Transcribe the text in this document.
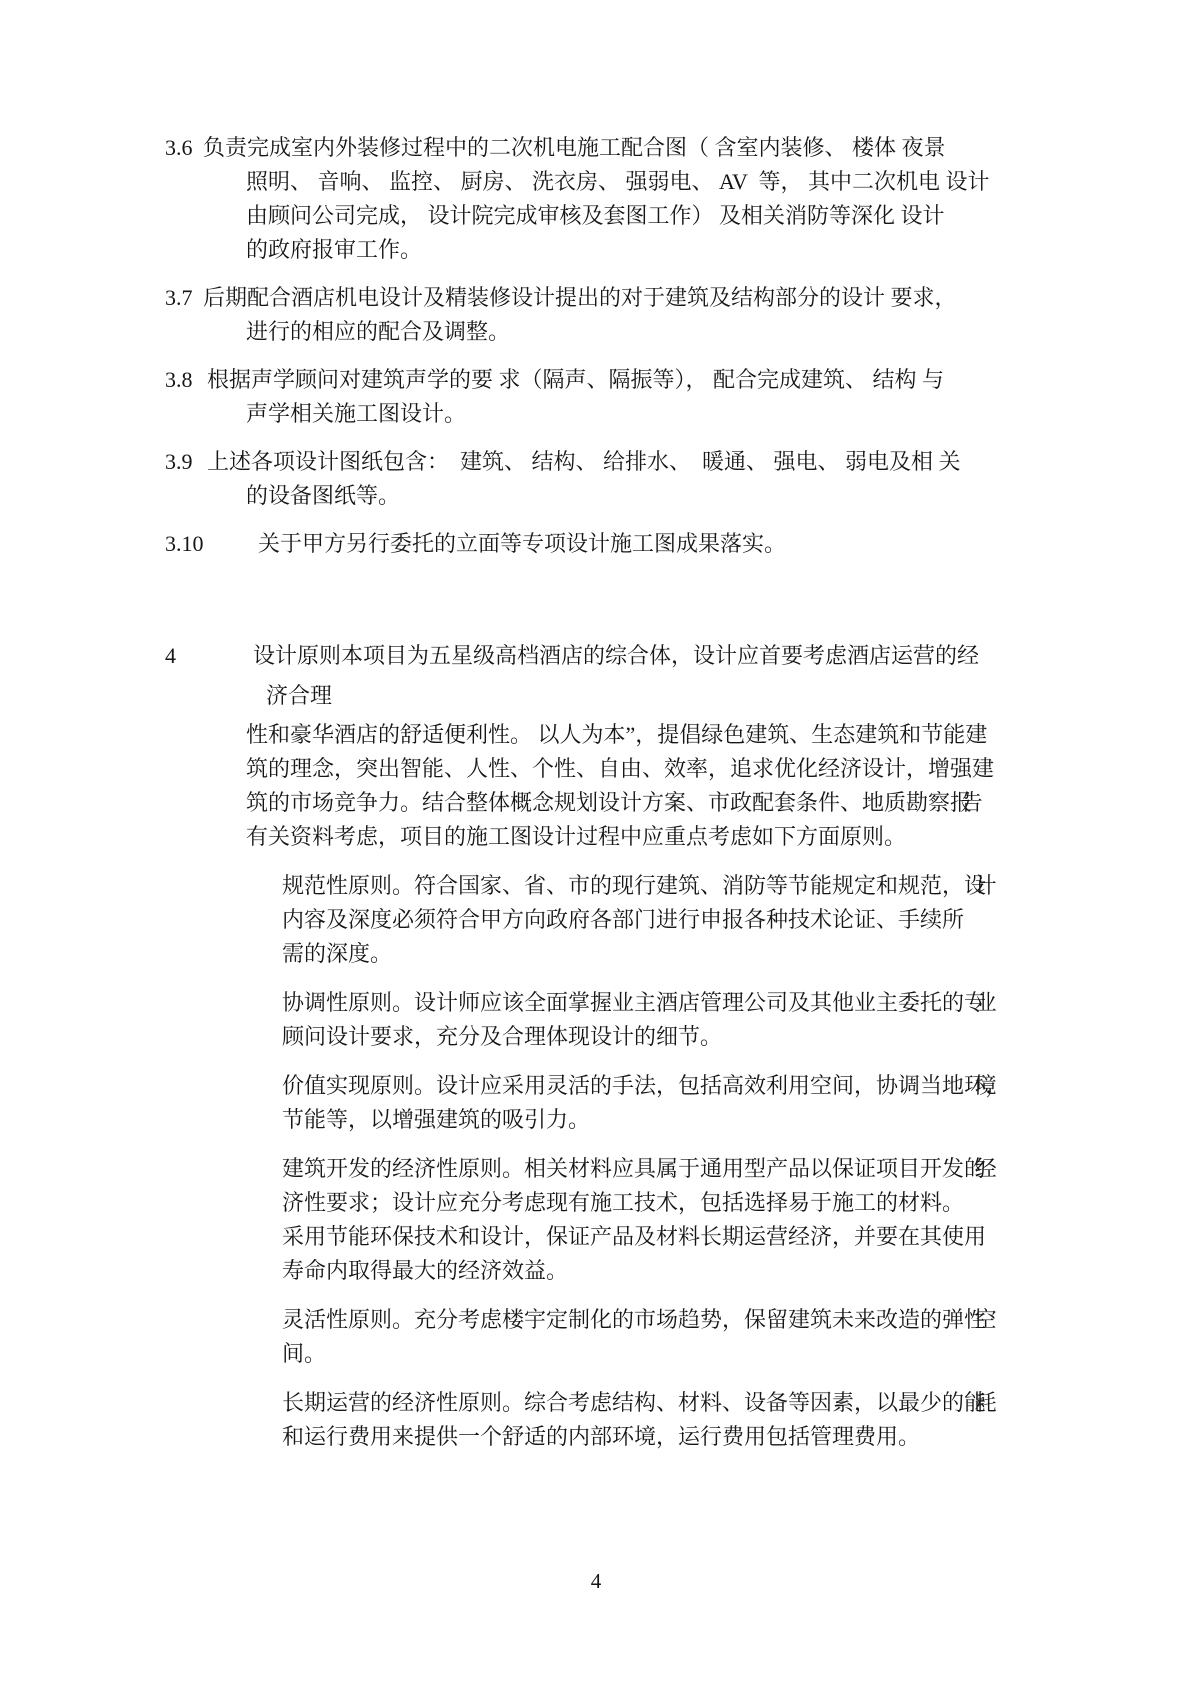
3.6 负责完成室内外装修过程中的二次机电施工配合图（ 含室内装修、 楼体 夜景
照明、 音响、 监控、 厨房、 洗衣房、 强弱电、 AV  等， 其中二次机电 设计
由顾问公司完成， 设计院完成审核及套图工作） 及相关消防等深化 设计
的政府报审工作。
3.7 后期配合酒店机电设计及精装修设计提出的对于建筑及结构部分的设计 要求，
进行的相应的配合及调整。
3.8 根据声学顾问对建筑声学的要 求（隔声、隔振等）， 配合完成建筑、 结构 与
声学相关施工图设计。
3.9 上述各项设计图纸包含：  建筑、 结构、 给排水、  暖通、 强电、 弱电及相 关
的设备图纸等。
3.10	关于甲方另行委托的立面等专项设计施工图成果落实。
4	设计原则本项目为五星级高档酒店的综合体，设计应首要考虑酒店运营的经
济合理
性和豪华酒店的舒适便利性。 以人为本”，提倡绿色建筑、生态建筑和节能建
筑的理念，突出智能、人性、个性、自由、效率，追求优化经济设计，增强建
筑的市场竞争力。结合整体概念规划设计方案、市政配套条件、地质勘察报告
有关资料考虑，项目的施工图设计过程中应重点考虑如下方面原则。
规范性原则。符合国家、省、市的现行建筑、消防等节能规定和规范，设计
内容及深度必须符合甲方向政府各部门进行申报各种技术论证、手续所
需的深度。
协调性原则。设计师应该全面掌握业主酒店管理公司及其他业主委托的专业
顾问设计要求，充分及合理体现设计的细节。
价值实现原则。设计应采用灵活的手法，包括高效利用空间，协调当地环境，
节能等，以增强建筑的吸引力。
建筑开发的经济性原则。相关材料应具属于通用型产品以保证项目开发的经
济性要求；设计应充分考虑现有施工技术，包括选择易于施工的材料。
采用节能环保技术和设计，保证产品及材料长期运营经济，并要在其使用
寿命内取得最大的经济效益。
灵活性原则。充分考虑楼宇定制化的市场趋势，保留建筑未来改造的弹性空
间。
长期运营的经济性原则。综合考虑结构、材料、设备等因素，以最少的能耗
和运行费用来提供一个舒适的内部环境，运行费用包括管理费用。
4
